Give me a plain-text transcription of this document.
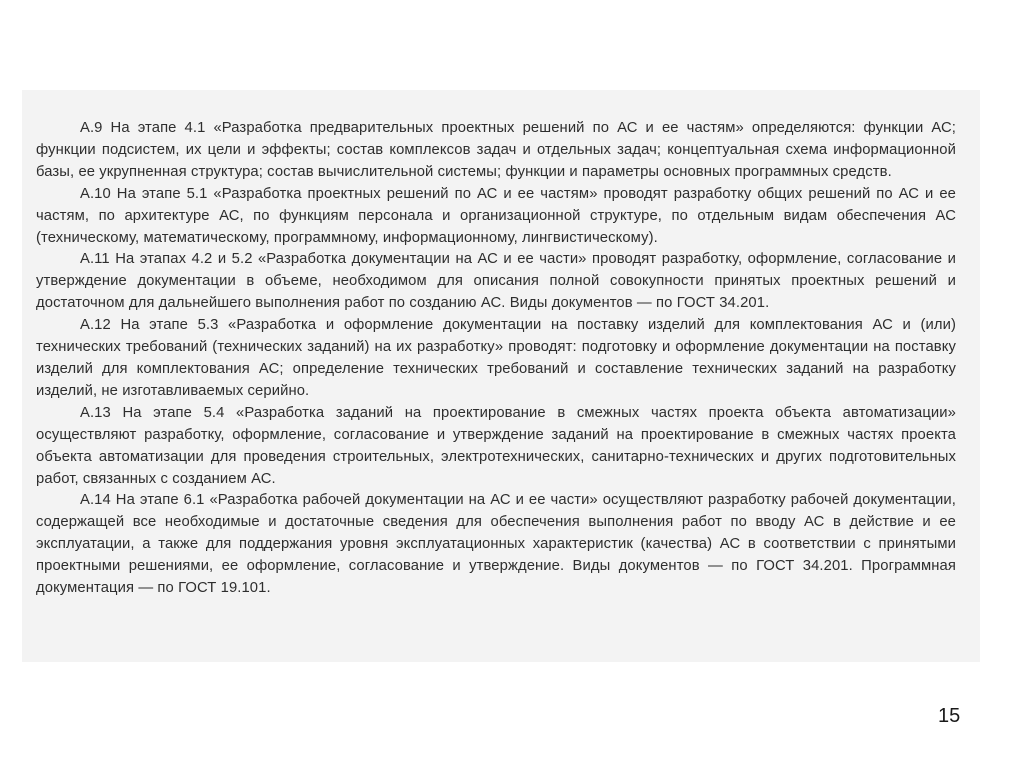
А.9 На этапе 4.1 «Разработка предварительных проектных решений по АС и ее частям» определяются: функции АС; функции подсистем, их цели и эффекты; состав комплексов задач и отдельных задач; концептуальная схема информационной базы, ее укрупненная структура; состав вычислительной системы; функции и параметры основных программных средств.

А.10 На этапе 5.1 «Разработка проектных решений по АС и ее частям» проводят разработку общих решений по АС и ее частям, по архитектуре АС, по функциям персонала и организационной структуре, по отдельным видам обеспечения АС (техническому, математическому, программному, информационному, лингвистическому).

А.11 На этапах 4.2 и 5.2 «Разработка документации на АС и ее части» проводят разработку, оформление, согласование и утверждение документации в объеме, необходимом для описания полной совокупности принятых проектных решений и достаточном для дальнейшего выполнения работ по созданию АС. Виды документов — по ГОСТ 34.201.

А.12 На этапе 5.3 «Разработка и оформление документации на поставку изделий для комплектования АС и (или) технических требований (технических заданий) на их разработку» проводят: подготовку и оформление документации на поставку изделий для комплектования АС; определение технических требований и составление технических заданий на разработку изделий, не изготавливаемых серийно.

А.13 На этапе 5.4 «Разработка заданий на проектирование в смежных частях проекта объекта автоматизации» осуществляют разработку, оформление, согласование и утверждение заданий на проектирование в смежных частях проекта объекта автоматизации для проведения строительных, электротехнических, санитарно-технических и других подготовительных работ, связанных с созданием АС.

А.14 На этапе 6.1 «Разработка рабочей документации на АС и ее части» осуществляют разработку рабочей документации, содержащей все необходимые и достаточные сведения для обеспечения выполнения работ по вводу АС в действие и ее эксплуатации, а также для поддержания уровня эксплуатационных характеристик (качества) АС в соответствии с принятыми проектными решениями, ее оформление, согласование и утверждение. Виды документов — по ГОСТ 34.201. Программная документация — по ГОСТ 19.101.

15
